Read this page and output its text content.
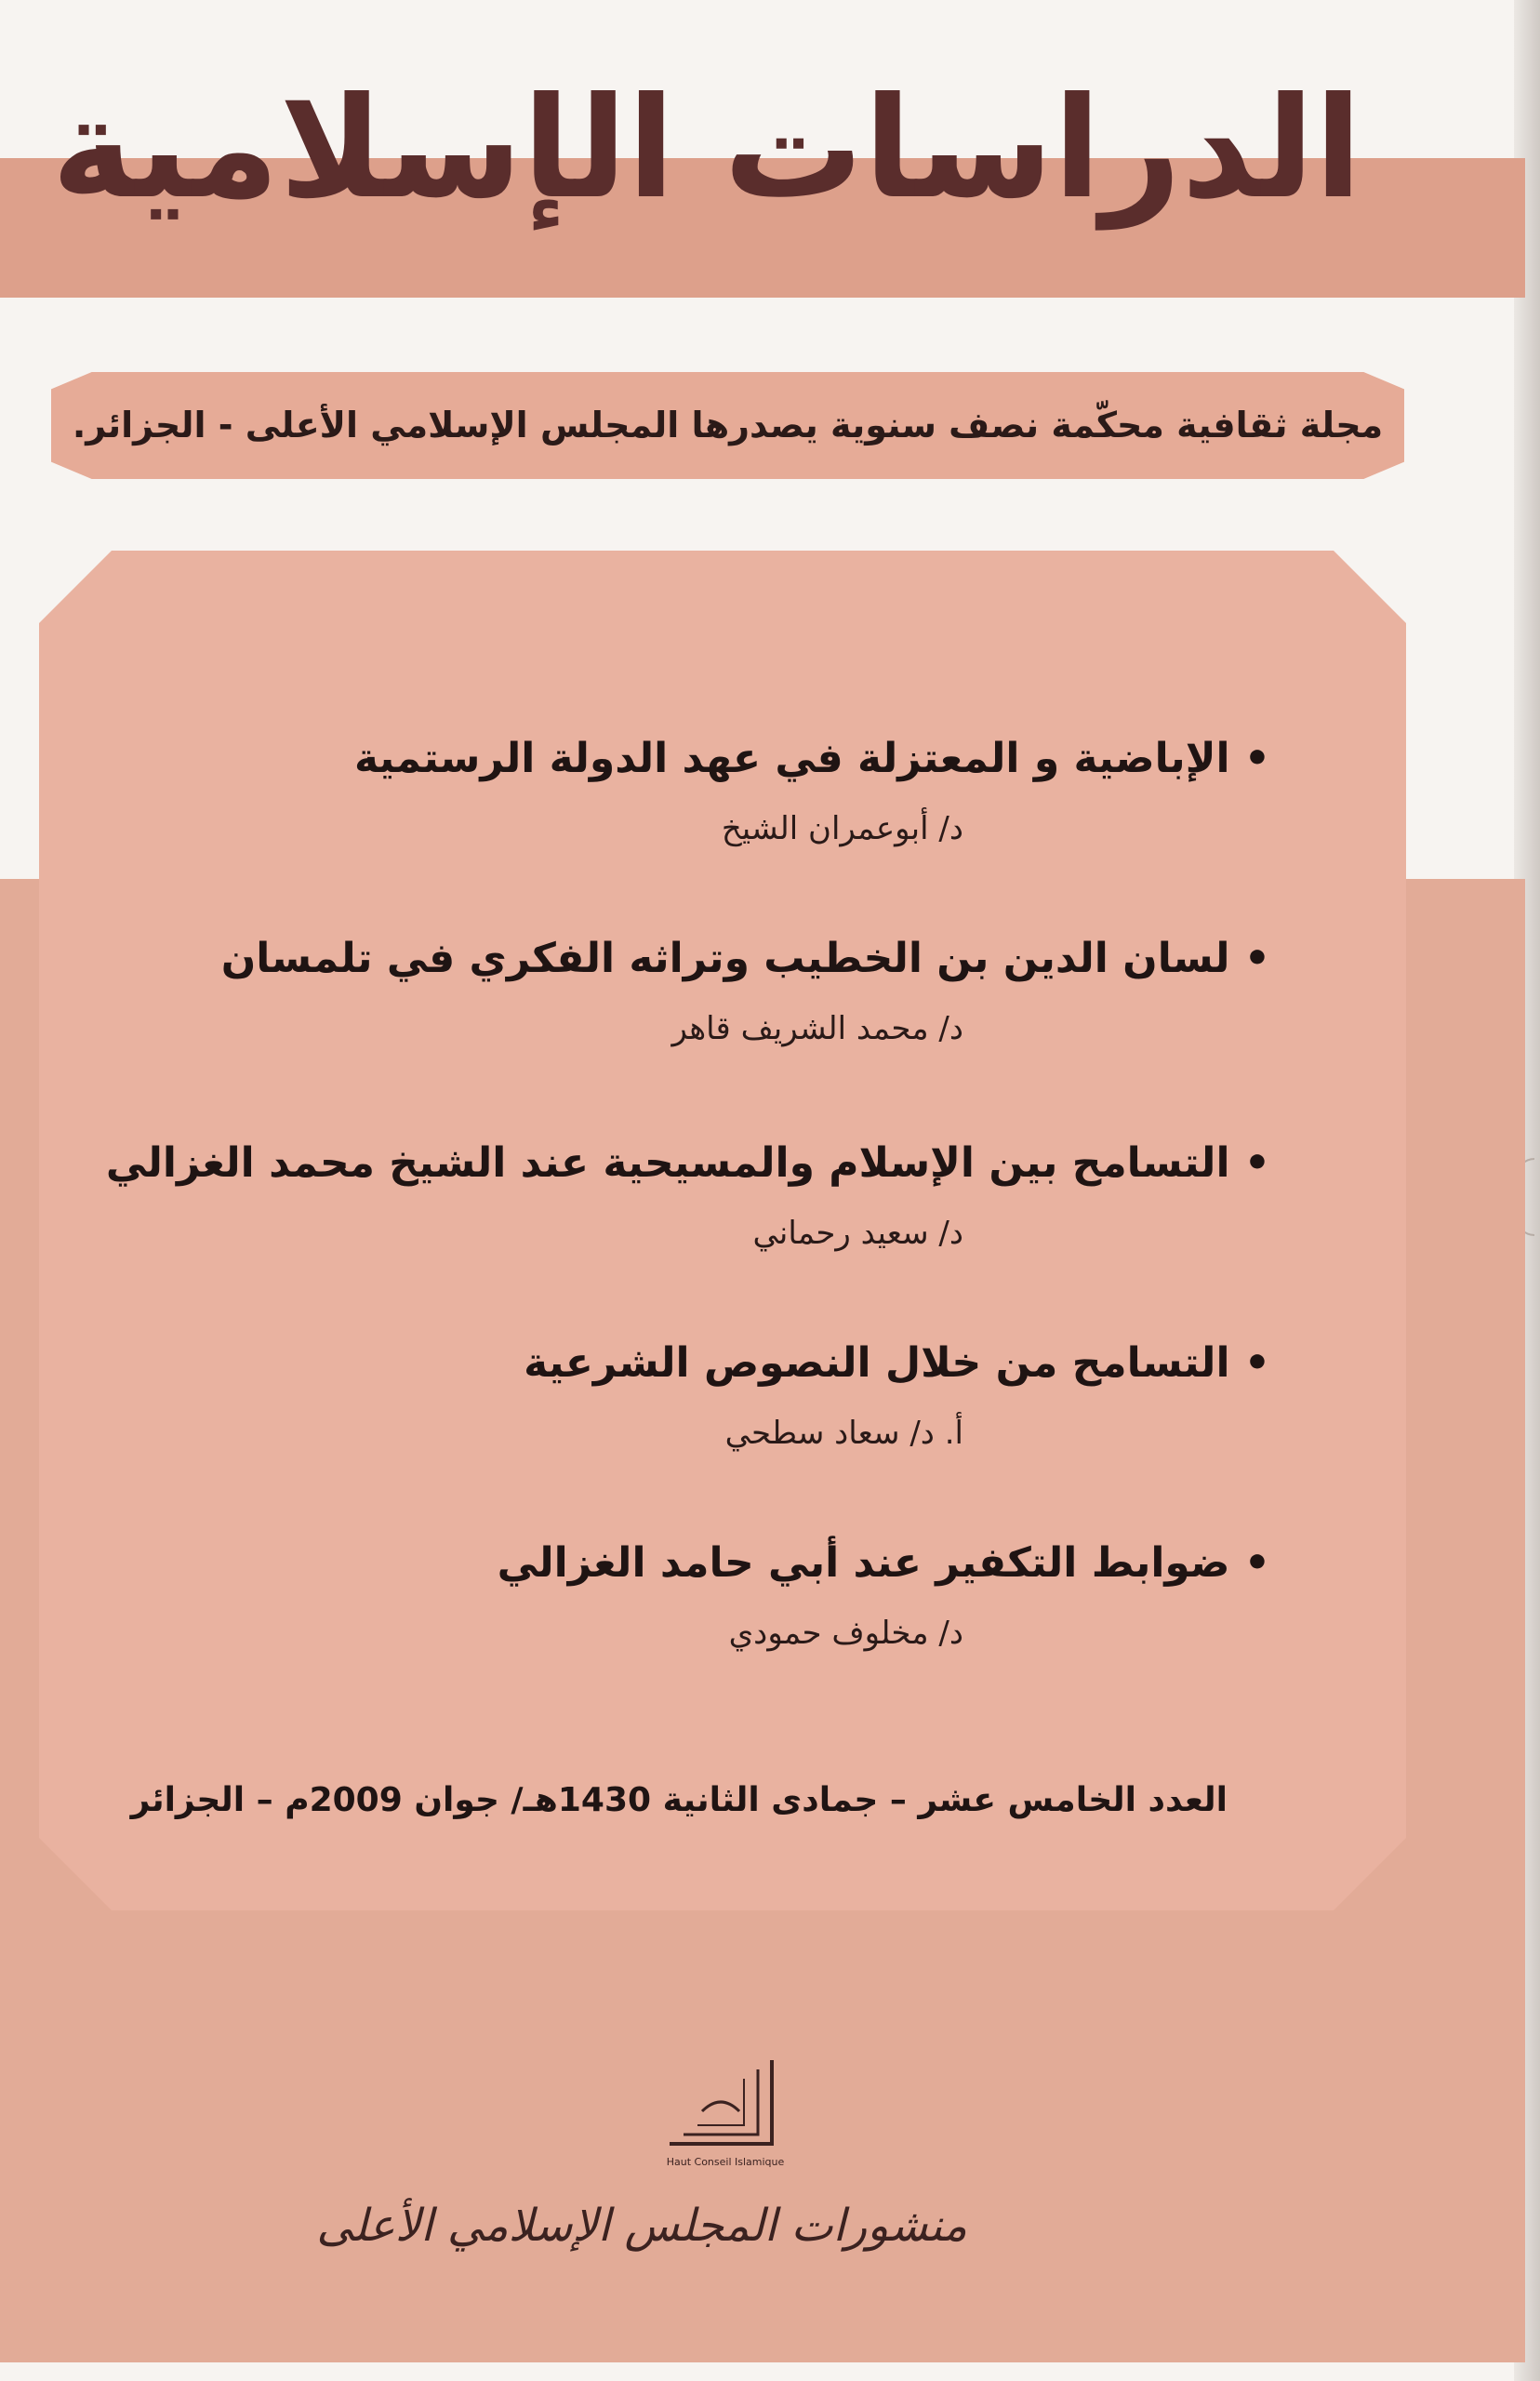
الدراسات الإسلامية
مجلة ثقافية محكّمة نصف سنوية يصدرها المجلس الإسلامي الأعلى - الجزائر.
• الإباضية و المعتزلة في عهد الدولة الرستمية
د/ أبوعمران الشيخ
• لسان الدين بن الخطيب وتراثه الفكري في تلمسان
د/ محمد الشريف قاهر
• التسامح بين الإسلام والمسيحية عند الشيخ محمد الغزالي
د/ سعيد رحماني
• التسامح من خلال النصوص الشرعية
أ. د/ سعاد سطحي
• ضوابط التكفير عند أبي حامد الغزالي
د/ مخلوف حمودي
العدد الخامس عشر – جمادى الثانية 1430هـ/ جوان 2009م – الجزائر
Haut Conseil Islamique
منشورات المجلس الإسلامي الأعلى
